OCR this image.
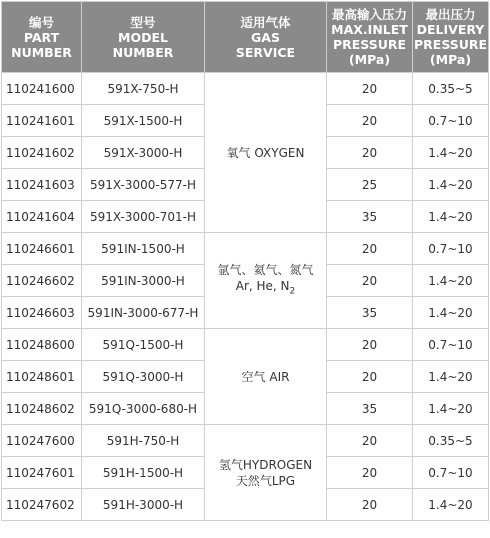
编号
PART
NUMBER	型号
MODEL
NUMBER	适用气体
GAS
SERVICE	最高输入压力
MAX.INLET
PRESSURE
(MPa)	最出压力
DELIVERY
PRESSURE
(MPa)

110241600	591X-750-H	氧气 OXYGEN	20	0.35~5
110241601	591X-1500-H		20	0.7~10
110241602	591X-3000-H		20	1.4~20
110241603	591X-3000-577-H		25	1.4~20
110241604	591X-3000-701-H		35	1.4~20
110246601	591IN-1500-H	氩气、氦气、氮气
Ar, He, $N_2$	20	0.7~10
110246602	591IN-3000-H		20	1.4~20
110246603	591IN-3000-677-H		35	1.4~20
110248600	591Q-1500-H	空气 AIR	20	0.7~10
110248601	591Q-3000-H		20	1.4~20
110248602	591Q-3000-680-H		35	1.4~20
110247600	591H-750-H	氢气HYDROGEN
天然气LPG	20	0.35~5
110247601	591H-1500-H		20	0.7~10
110247602	591H-3000-H		20	1.4~20
